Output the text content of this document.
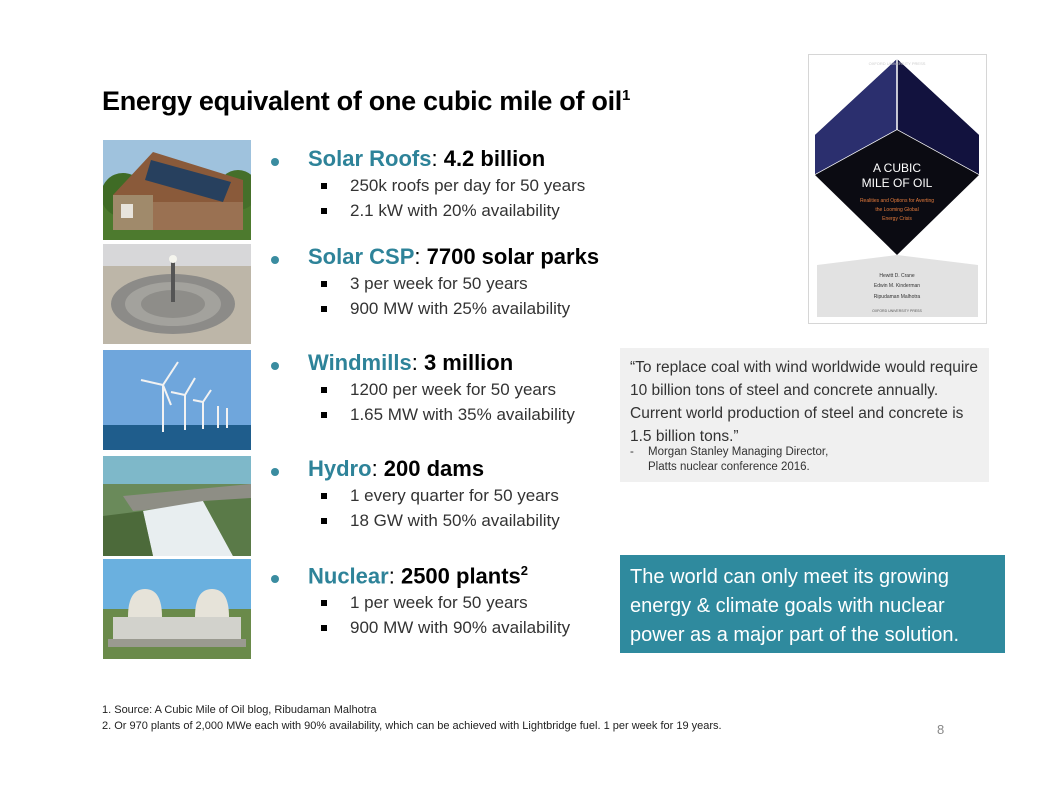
Energy equivalent of one cubic mile of oil$^1$
Solar Roofs: 4.2 billion
250k roofs per day for 50 years
2.1 kW with 20% availability
Solar CSP: 7700 solar parks
3 per week for 50 years
900 MW with 25% availability
Windmills: 3 million
1200 per week for 50 years
1.65 MW with 35% availability
Hydro: 200 dams
1 every quarter for 50 years
18 GW with 50% availability
Nuclear: 2500 plants$^2$
1 per week for 50 years
900 MW with 90% availability
OXFORD UNIVERSITY PRESS
A CUBIC
MILE OF OIL
Realities and Options for Averting
the Looming Global
Energy Crisis
Hewitt D. Crane
Edwin M. Kinderman
Ripudaman Malhotra
OXFORD UNIVERSITY PRESS
“To replace coal with wind worldwide would require 10 billion tons of steel and concrete annually. Current world production of steel and concrete is 1.5 billion tons.”
- Morgan Stanley Managing Director,
Platts nuclear conference 2016.
The world can only meet its growing energy & climate goals with nuclear power as a major part of the solution.
1. Source: A Cubic Mile of Oil blog, Ribudaman Malhotra
2. Or 970 plants of 2,000 MWe each with 90% availability, which can be achieved with Lightbridge fuel. 1 per week for 19 years.	8
